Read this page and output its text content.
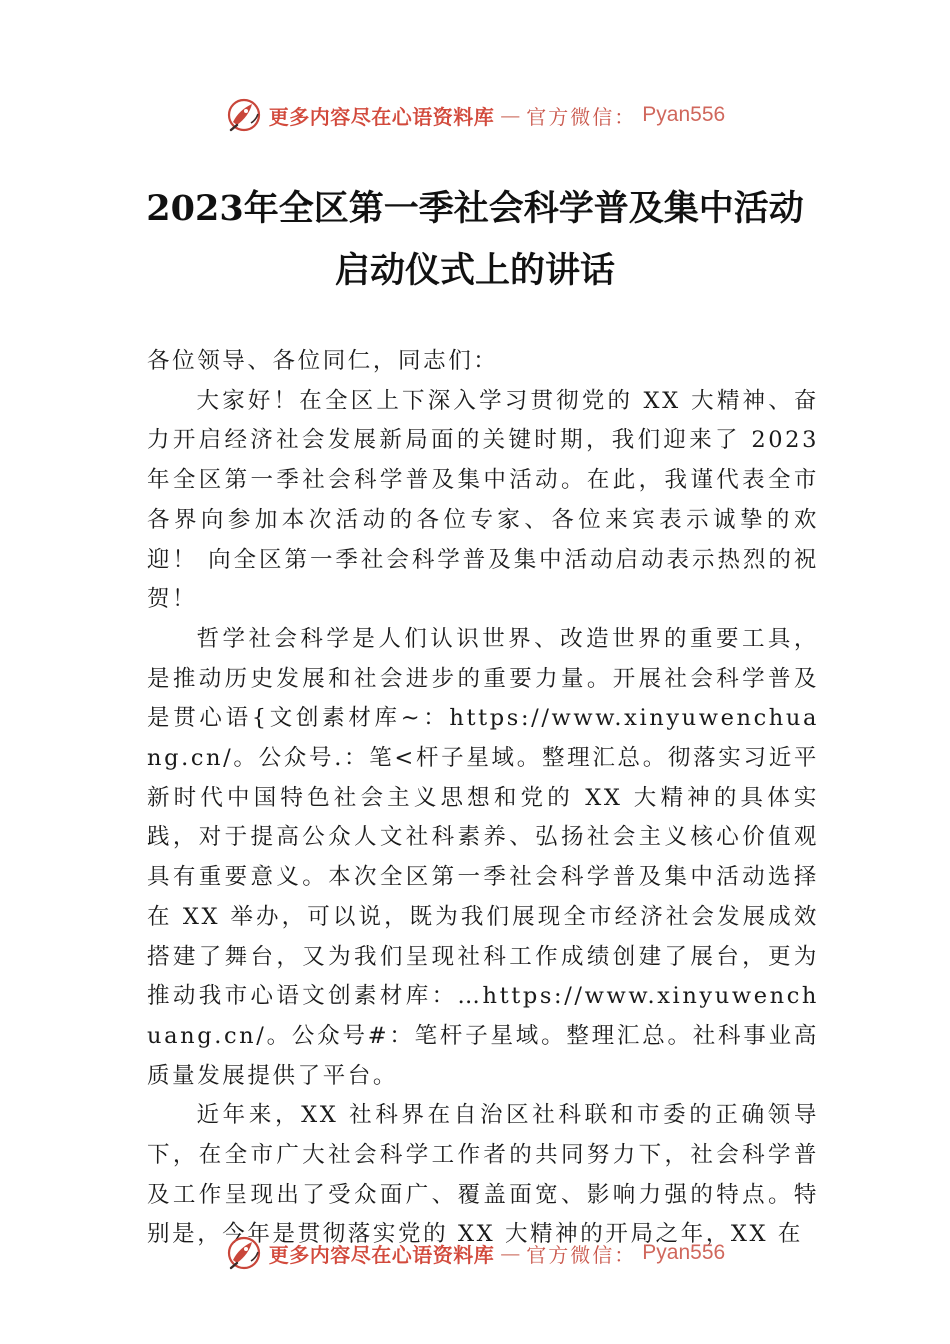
更多内容尽在心语资料库 — 官方微信： Pyan556
2023年全区第一季社会科学普及集中活动
启动仪式上的讲话

各位领导、各位同仁，同志们：

大家好！在全区上下深入学习贯彻党的 XX 大精神、奋力开启经济社会发展新局面的关键时期，我们迎来了 2023 年全区第一季社会科学普及集中活动。在此，我谨代表全市各界向参加本次活动的各位专家、各位来宾表示诚挚的欢迎！ 向全区第一季社会科学普及集中活动启动表示热烈的祝贺！

哲学社会科学是人们认识世界、改造世界的重要工具，是推动历史发展和社会进步的重要力量。开展社会科学普及是贯心语{文创素材库~：https://www.xinyuwenchuang.cn/。公众号.：笔<杆子星域。整理汇总。彻落实习近平新时代中国特色社会主义思想和党的 XX 大精神的具体实践，对于提高公众人文社科素养、弘扬社会主义核心价值观具有重要意义。本次全区第一季社会科学普及集中活动选择在 XX 举办，可以说，既为我们展现全市经济社会发展成效搭建了舞台，又为我们呈现社科工作成绩创建了展台，更为推动我市心语文创素材库：…https://www.xinyuwenchuang.cn/。公众号#：笔杆子星域。整理汇总。社科事业高质量发展提供了平台。

近年来，XX 社科界在自治区社科联和市委的正确领导下，在全市广大社会科学工作者的共同努力下，社会科学普及工作呈现出了受众面广、覆盖面宽、影响力强的特点。特别是，今年是贯彻落实党的 XX 大精神的开局之年，XX 在

更多内容尽在心语资料库 — 官方微信： Pyan556
